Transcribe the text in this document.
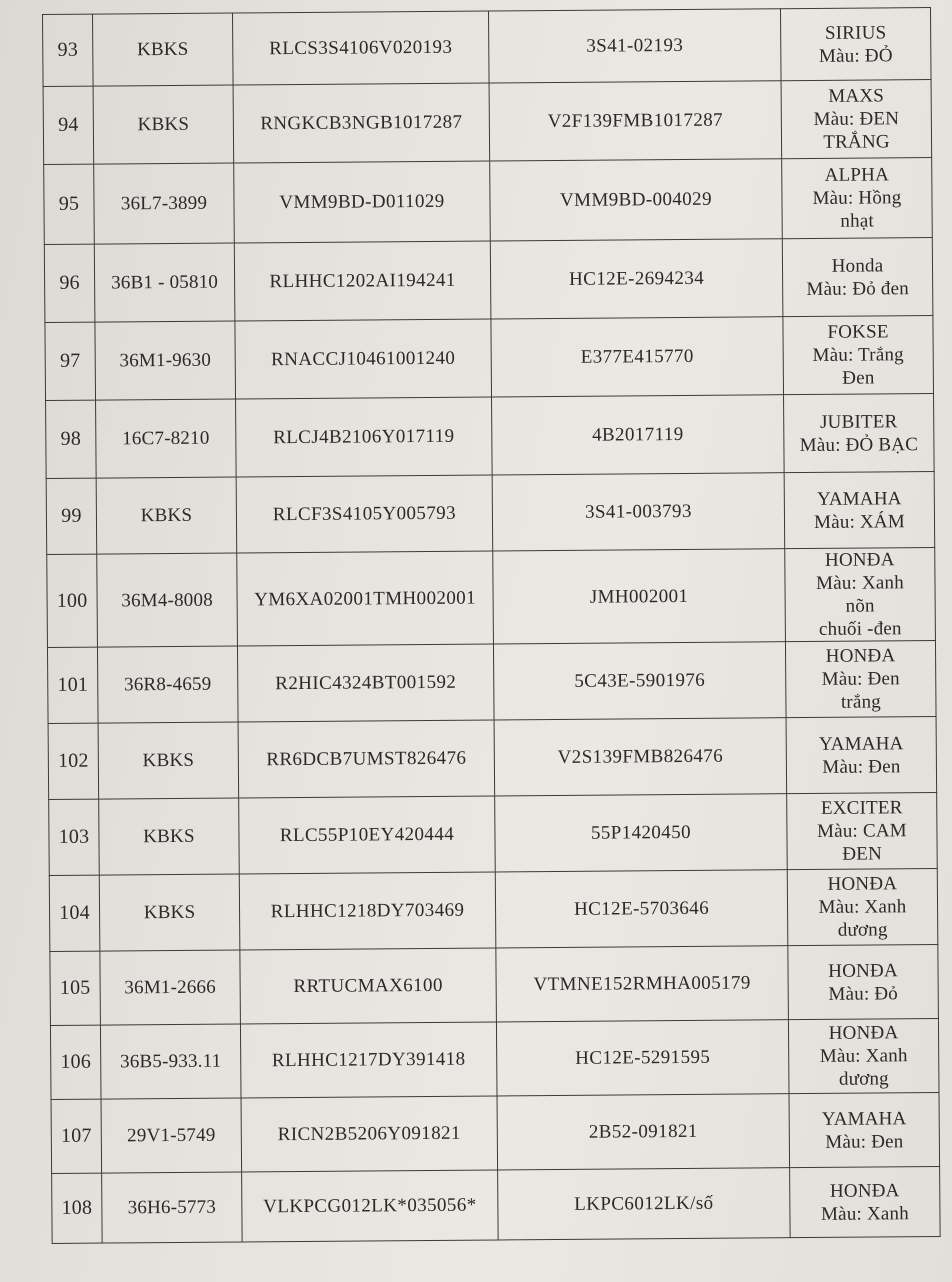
93	KBKS	RLCS3S4106V020193	3S41-02193	SIRIUS
Màu: ĐỎ

94	KBKS	RNGKCB3NGB1017287	V2F139FMB1017287	MAXS
Màu: ĐEN
TRẮNG

95	36L7-3899	VMM9BD-D011029	VMM9BD-004029	ALPHA
Màu: Hồng
nhạt

96	36B1 - 05810	RLHHC1202AI194241	HC12E-2694234	Honda
Màu: Đỏ đen

97	36M1-9630	RNACCJ10461001240	E377E415770	FOKSE
Màu: Trắng
Đen

98	16C7-8210	RLCJ4B2106Y017119	4B2017119	JUBITER
Màu: ĐỎ BẠC

99	KBKS	RLCF3S4105Y005793	3S41-003793	YAMAHA
Màu: XÁM

100	36M4-8008	YM6XA02001TMH002001	JMH002001	HONĐA
Màu: Xanh
nõn
chuối -đen

101	36R8-4659	R2HIC4324BT001592	5C43E-5901976	HONĐA
Màu: Đen
trắng

102	KBKS	RR6DCB7UMST826476	V2S139FMB826476	YAMAHA
Màu: Đen

103	KBKS	RLC55P10EY420444	55P1420450	EXCITER
Màu: CAM
ĐEN

104	KBKS	RLHHC1218DY703469	HC12E-5703646	HONĐA
Màu: Xanh
dương

105	36M1-2666	RRTUCMAX6100	VTMNE152RMHA005179	HONĐA
Màu: Đỏ

106	36B5-933.11	RLHHC1217DY391418	HC12E-5291595	HONĐA
Màu: Xanh
dương

107	29V1-5749	RICN2B5206Y091821	2B52-091821	YAMAHA
Màu: Đen

108	36H6-5773	VLKPCG012LK*035056*	LKPC6012LK/số	HONĐA
Màu: Xanh
